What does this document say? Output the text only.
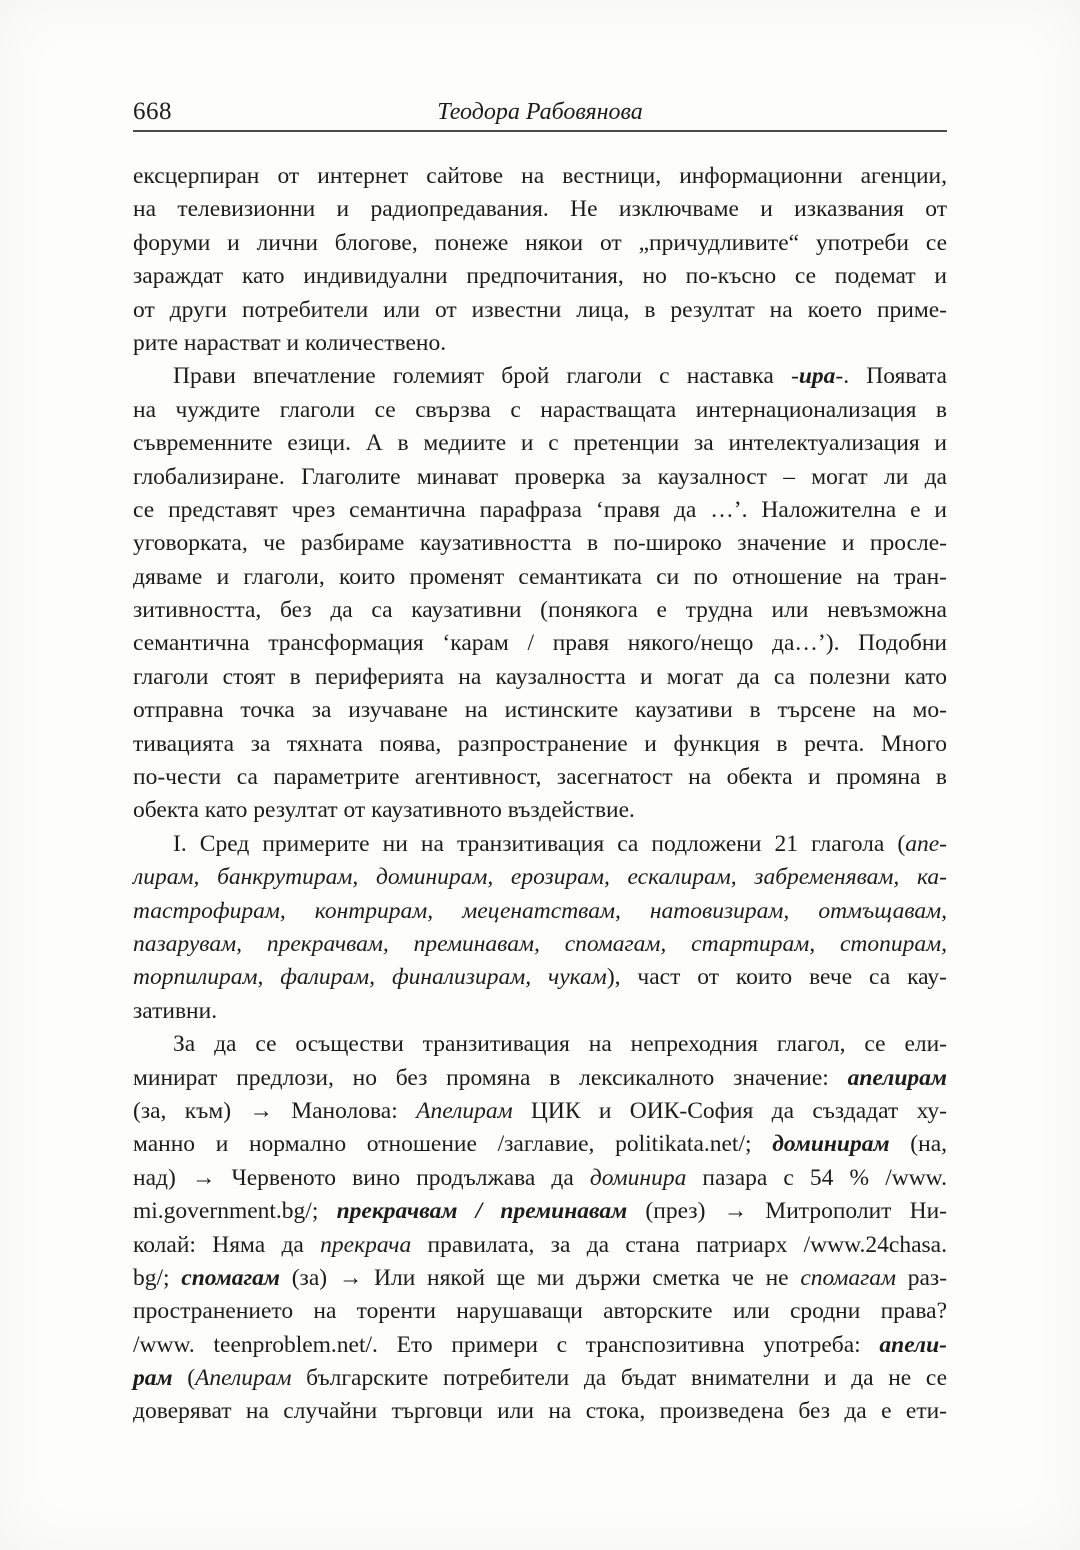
668	Теодора Рабовянова
ексцерпиран от интернет сайтове на вестници, информационни агенции,
на телевизионни и радиопредавания. Не изключваме и изказвания от
форуми и лични блогове, понеже някои от „причудливите“ употреби се
зараждат като индивидуални предпочитания, но по-късно се подемат и
от други потребители или от известни лица, в резултат на което приме-
рите нарастват и количествено.
Прави впечатление големият брой глаголи с наставка -ира-. Появата
на чуждите глаголи се свързва с нарастващата интернационализация в
съвременните езици. А в медиите и с претенции за интелектуализация и
глобализиране. Глаголите минават проверка за каузалност – могат ли да
се представят чрез семантична парафраза ‘правя да …’. Наложителна е и
уговорката, че разбираме каузативността в по-широко значение и просле-
дяваме и глаголи, които променят семантиката си по отношение на тран-
зитивността, без да са каузативни (понякога е трудна или невъзможна
семантична трансформация ‘карам / правя някого/нещо да…’). Подобни
глаголи стоят в периферията на каузалността и могат да са полезни като
отправна точка за изучаване на истинските каузативи в търсене на мо-
тивацията за тяхната поява, разпространение и функция в речта. Много
по-чести са параметрите агентивност, засегнатост на обекта и промяна в
обекта като резултат от каузативното въздействие.
I. Сред примерите ни на транзитивация са подложени 21 глагола (апе-
лирам, банкрутирам, доминирам, ерозирам, ескалирам, забременявам, ка-
тастрофирам, контрирам, меценатствам, натовизирам, отмъщавам,
пазарувам, прекрачвам, преминавам, спомагам, стартирам, стопирам,
торпилирам, фалирам, финализирам, чукам), част от които вече са кау-
зативни.
За да се осъществи транзитивация на непреходния глагол, се ели-
минират предлози, но без промяна в лексикалното значение: апелирам
(за, към) → Манолова: Апелирам ЦИК и ОИК-София да създадат ху-
манно и нормално отношение /заглавие, politikata.net/; доминирам (на,
над) → Червеното вино продължава да доминира пазара с 54 % /www.
mi.government.bg/; прекрачвам / преминавам (през) → Митрополит Ни-
колай: Няма да прекрача правилата, за да стана патриарх /www.24chasa.
bg/; спомагам (за) → Или някой ще ми държи сметка че не спомагам раз-
пространението на торенти нарушаващи авторските или сродни права?
/www. teenproblem.net/. Ето примери с транспозитивна употреба: апели-
рам (Апелирам българските потребители да бъдат внимателни и да не се
доверяват на случайни търговци или на стока, произведена без да е ети-
